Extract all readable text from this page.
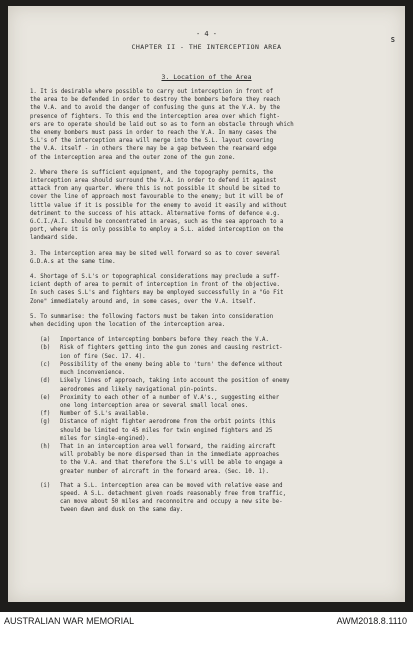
- 4 -
S
CHAPTER II - THE INTERCEPTION AREA
3. Location of the Area
1. It is desirable where possible to carry out interception in front of
the area to be defended in order to destroy the bombers before they reach
the V.A. and to avoid the danger of confusing the guns at the V.A. by the
presence of fighters. To this end the interception area over which fight-
ers are to operate should be laid out so as to form an obstacle through which
the enemy bombers must pass in order to reach the V.A. In many cases the
S.L's of the interception area will merge into the S.L. layout covering
the V.A. itself - in others there may be a gap between the rearward edge
of the interception area and the outer zone of the gun zone.
2. Where there is sufficient equipment, and the topography permits, the
interception area should surround the V.A. in order to defend it against
attack from any quarter. Where this is not possible it should be sited to
cover the line of approach most favourable to the enemy; but it will be of
little value if it is possible for the enemy to avoid it easily and without
detriment to the success of his attack. Alternative forms of defence e.g.
G.C.I./A.I. should be concentrated in areas, such as the sea approach to a
port, where it is only possible to employ a S.L. aided interception on the
landward side.
3. The interception area may be sited well forward so as to cover several
G.D.A.s at the same time.
4. Shortage of S.L's or topographical considerations may preclude a suff-
icient depth of area to permit of interception in front of the objective.
In such cases S.L's and fighters may be employed successfully in a "Go Fit
Zone" immediately around and, in some cases, over the V.A. itself.
5. To summarise: the following factors must be taken into consideration
when deciding upon the location of the interception area.
(a)	Importance of intercepting bombers before they reach the V.A.
(b)	Risk of fighters getting into the gun zones and causing restrict-
ion of fire (Sec. 17. 4).
(c)	Possibility of the enemy being able to 'turn' the defence without
much inconvenience.
(d)	Likely lines of approach, taking into account the position of enemy
aerodromes and likely navigational pin-points.
(e)	Proximity to each other of a number of V.A's., suggesting either
one long interception area or several small local ones.
(f)	Number of S.L's available.
(g)	Distance of night fighter aerodrome from the orbit points (this
should be limited to 45 miles for twin engined fighters and 25
miles for single-engined).
(h)	That in an interception area well forward, the raiding aircraft
will probably be more dispersed than in the immediate approaches
to the V.A. and that therefore the S.L's will be able to engage a
greater number of aircraft in the forward area. (Sec. 10. 1).
(i)	That a S.L. interception area can be moved with relative ease and
speed. A S.L. detachment given roads reasonably free from traffic,
can move about 50 miles and reconnoitre and occupy a new site be-
tween dawn and dusk on the same day.
AUSTRALIAN WAR MEMORIAL	AWM2018.8.1110
